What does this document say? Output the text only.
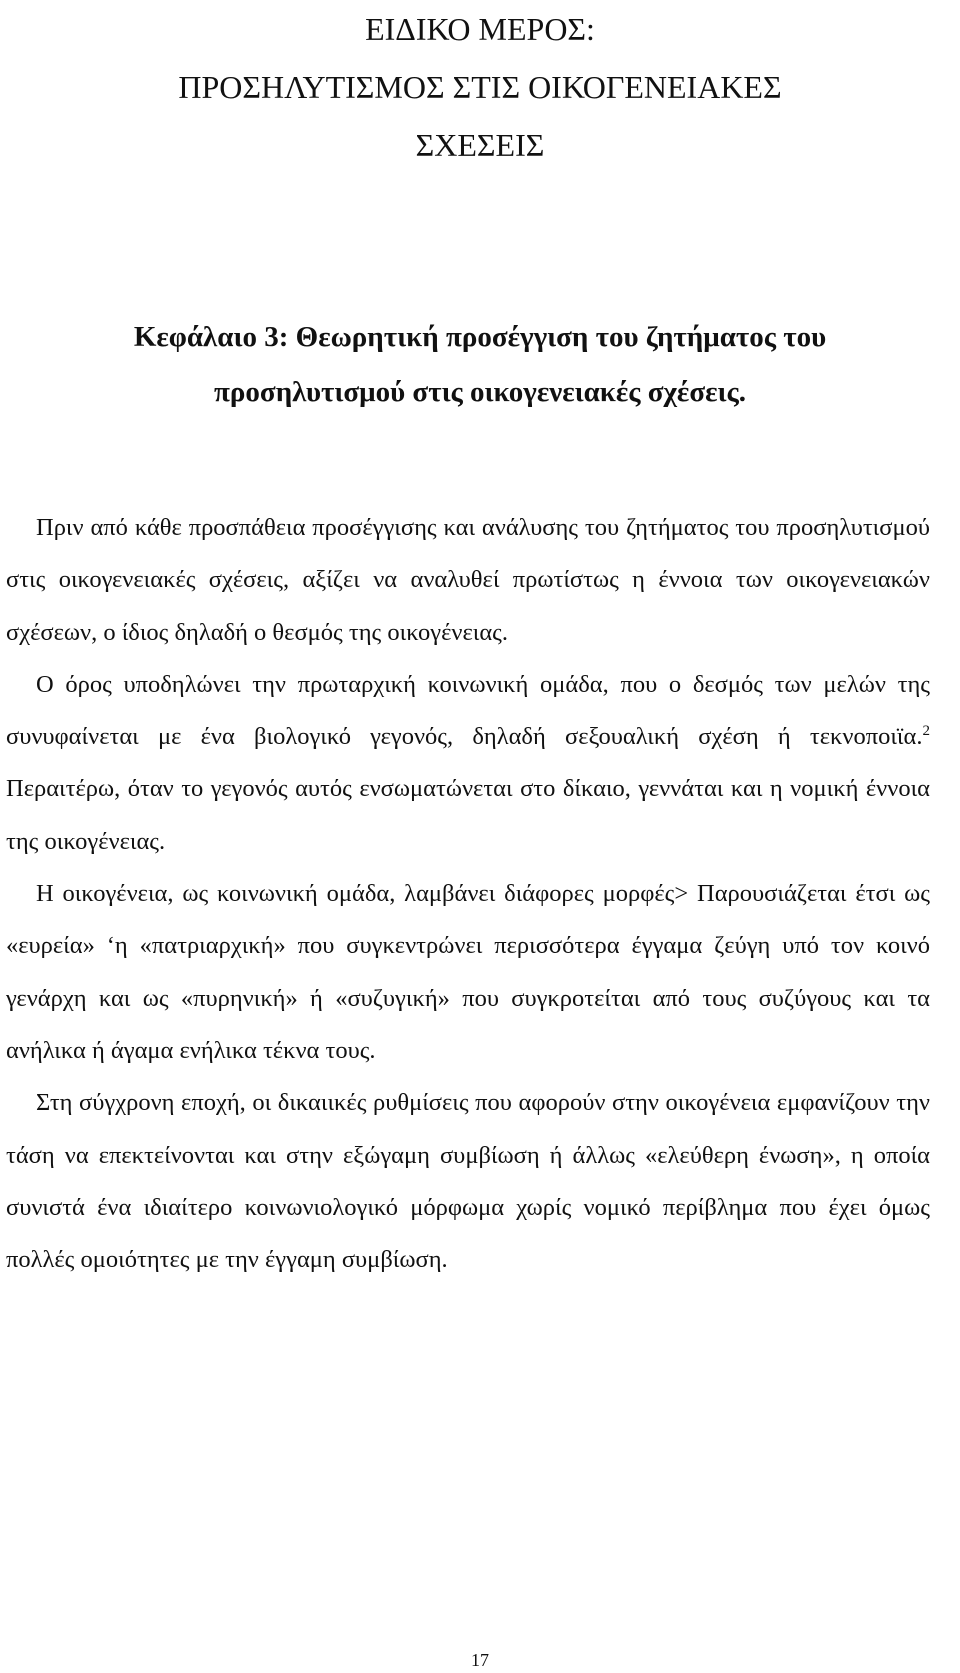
ΕΙΔΙΚΟ ΜΕΡΟΣ:
ΠΡΟΣΗΛΥΤΙΣΜΟΣ ΣΤΙΣ ΟΙΚΟΓΕΝΕΙΑΚΕΣ
ΣΧΕΣΕΙΣ
Κεφάλαιο 3: Θεωρητική προσέγγιση του ζητήματος του
προσηλυτισμού στις οικογενειακές σχέσεις.

Πριν από κάθε προσπάθεια προσέγγισης και ανάλυσης του ζητήματος του προσηλυτισμού στις οικογενειακές σχέσεις, αξίζει να αναλυθεί πρωτίστως η έννοια των οικογενειακών σχέσεων, ο ίδιος δηλαδή ο θεσμός της οικογένειας.

Ο όρος υποδηλώνει την πρωταρχική κοινωνική ομάδα, που ο δεσμός των μελών της συνυφαίνεται με ένα βιολογικό γεγονός, δηλαδή σεξουαλική σχέση ή τεκνοποιϊα.$^2$ Περαιτέρω, όταν το γεγονός αυτός ενσωματώνεται στο δίκαιο, γεννάται και η νομική έννοια της οικογένειας.

Η οικογένεια, ως κοινωνική ομάδα, λαμβάνει διάφορες μορφές> Παρουσιάζεται έτσι ως «ευρεία» ‘η «πατριαρχική» που συγκεντρώνει περισσότερα έγγαμα ζεύγη υπό τον κοινό γενάρχη και ως «πυρηνική» ή «συζυγική» που συγκροτείται από τους συζύγους και τα ανήλικα ή άγαμα ενήλικα τέκνα τους.

Στη σύγχρονη εποχή, οι δικαιικές ρυθμίσεις που αφορούν στην οικογένεια εμφανίζουν την τάση να επεκτείνονται και στην εξώγαμη συμβίωση ή άλλως «ελεύθερη ένωση», η οποία συνιστά ένα ιδιαίτερο κοινωνιολογικό μόρφωμα χωρίς νομικό περίβλημα που έχει όμως πολλές ομοιότητες με την έγγαμη συμβίωση.

17
